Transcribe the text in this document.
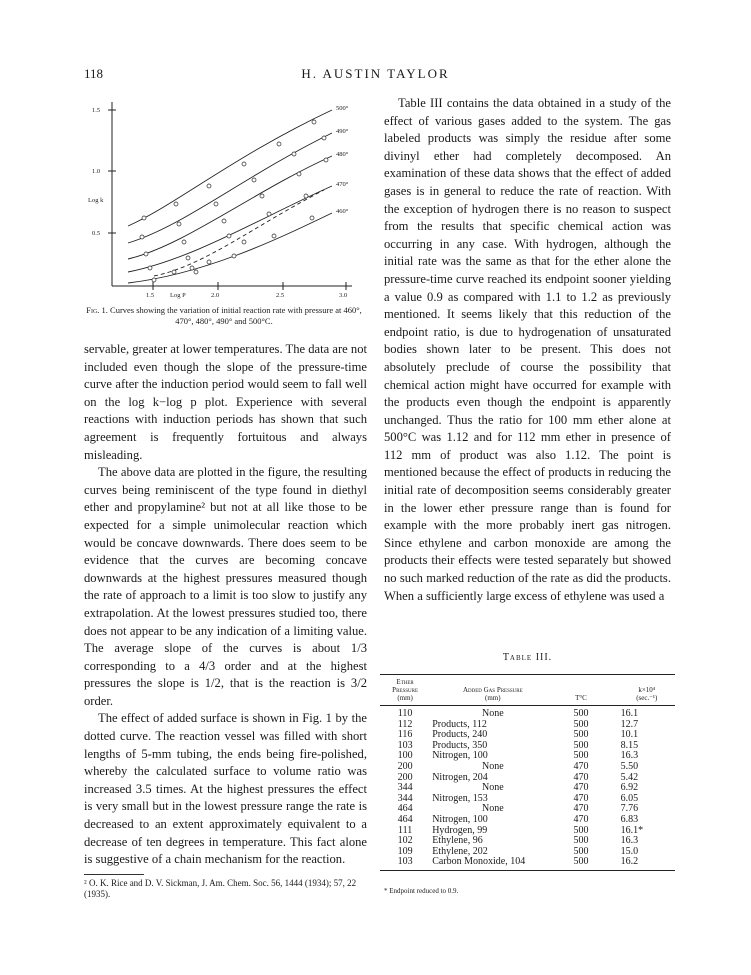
118	H. AUSTIN TAYLOR
1.5
1.0
0.5
Log k
1.5 Log P	2.0	2.5	3.0
500°
490°
480°
470°
460°
Fig. 1. Curves showing the variation of initial reaction rate with pressure at 460°, 470°, 480°, 490° and 500°C.

servable, greater at lower temperatures. The data are not included even though the slope of the pressure-time curve after the induction period would seem to fall well on the log k−log p plot. Experience with several reactions with induction periods has shown that such agreement is frequently fortuitous and always misleading.

The above data are plotted in the figure, the resulting curves being reminiscent of the type found in diethyl ether and propylamine² but not at all like those to be expected for a simple unimolecular reaction which would be concave downwards. There does seem to be evidence that the curves are becoming concave downwards at the highest pressures measured though the rate of approach to a limit is too slow to justify any extrapolation. At the lowest pressures studied too, there does not appear to be any indication of a limiting value. The average slope of the curves is about 1/3 corresponding to a 4/3 order and at the highest pressures the slope is 1/2, that is the reaction is 3/2 order.

The effect of added surface is shown in Fig. 1 by the dotted curve. The reaction vessel was filled with short lengths of 5-mm tubing, the ends being fire-polished, whereby the calculated surface to volume ratio was increased 3.5 times. At the highest pressures the effect is very small but in the lowest pressure range the rate is decreased to an extent approximately equivalent to a decrease of ten degrees in temperature. This fact alone is suggestive of a chain mechanism for the reaction.

² O. K. Rice and D. V. Sickman, J. Am. Chem. Soc. 56, 1444 (1934); 57, 22 (1935).

Table III contains the data obtained in a study of the effect of various gases added to the system. The gas labeled products was simply the residue after some divinyl ether had completely decomposed. An examination of these data shows that the effect of added gases is in general to reduce the rate of reaction. With the exception of hydrogen there is no reason to suspect from the results that specific chemical action was occurring in any case. With hydrogen, although the initial rate was the same as that for the ether alone the pressure-time curve reached its endpoint sooner yielding a value 0.9 as compared with 1.1 to 1.2 as previously mentioned. It seems likely that this reduction of the endpoint ratio, is due to hydrogenation of unsaturated bodies shown later to be present. This does not absolutely preclude of course the possibility that chemical action might have occurred for example with the products even though the endpoint is apparently unchanged. Thus the ratio for 100 mm ether alone at 500°C was 1.12 and for 112 mm ether in presence of 112 mm of product was also 1.12. The point is mentioned because the effect of products in reducing the initial rate of decomposition seems considerably greater in the lower ether pressure range than is found for example with the more probably inert gas nitrogen. Since ethylene and carbon monoxide are among the products their effects were tested separately but showed no such marked reduction of the rate as did the products. When a sufficiently large excess of ethylene was used a

Table III.
Ether
Pressure
(mm)	Added Gas Pressure
(mm)	T°C	k×10⁴
(sec.⁻¹)
110	None	500	16.1
112	Products, 112	500	12.7
116	Products, 240	500	10.1
103	Products, 350	500	8.15
100	Nitrogen, 100	500	16.3
200	None	470	5.50
200	Nitrogen, 204	470	5.42
344	None	470	6.92
344	Nitrogen, 153	470	6.05
464	None	470	7.76
464	Nitrogen, 100	470	6.83
111	Hydrogen, 99	500	16.1*
102	Ethylene, 96	500	16.3
109	Ethylene, 202	500	15.0
103	Carbon Monoxide, 104	500	16.2
* Endpoint reduced to 0.9.
